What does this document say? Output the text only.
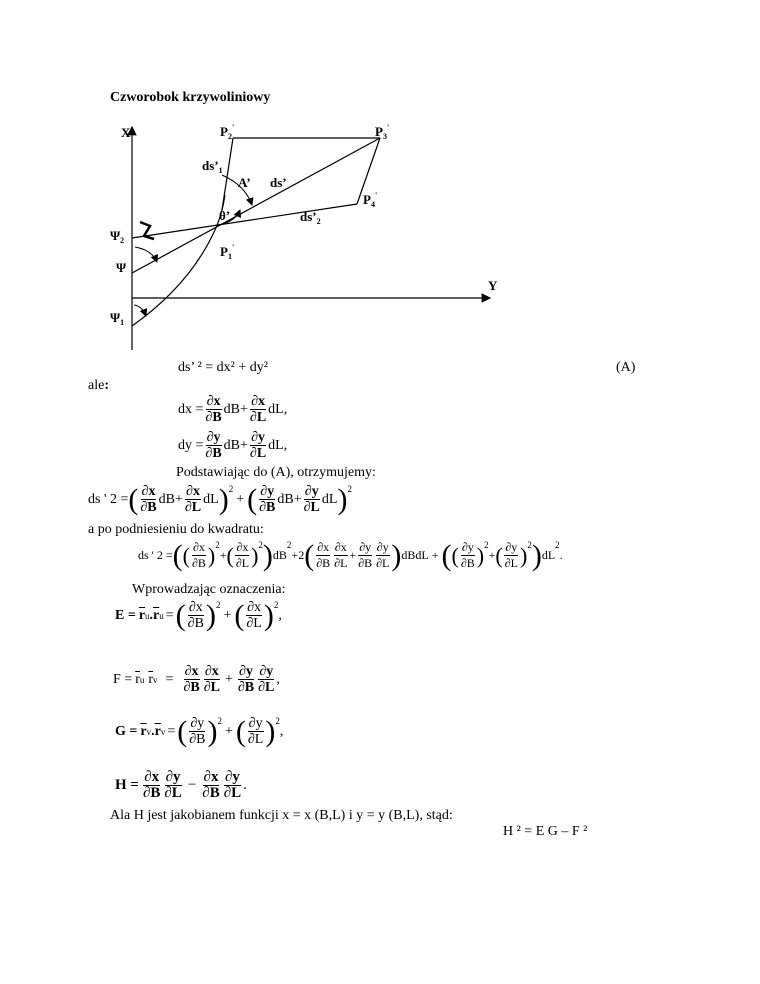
Czworobok krzywoliniowy
X
Y
$P_2'$	$P_3'$
$P_4'$
$P_1'$
$ds’_1$
A’ ds’
θ’	$ds’_2$
$\Psi_2$
Ψ
$\Psi_1$
ds’ ² = dx² + dy²	(A)
ale:
dx = $\frac{\partial x}{\partial B} dB+ \frac{\partial x}{\partial L}$ dL,
dy = $\frac{\partial y}{\partial B} dB+ \frac{\partial y}{\partial L}$ dL,
Podstawiając do (A), otrzymujemy:
ds ' 2 = ( $\frac{\partial x}{\partial B} dB+ \frac{\partial x}{\partial L}$ dL )$^2$
+ ( $\frac{\partial y}{\partial B} dB+ \frac{\partial y}{\partial L}$ dL )$^2$
a po podniesieniu do kwadratu:
ds ' 2 = ( ( $\frac{\partial x}{\partial B} )^2$
+ ( $\frac{\partial x}{\partial L} )^2$ ) dB
$^2$
+2 ( $\frac{\partial x}{\partial B} \frac{\partial x}{\partial L} + \frac{\partial y}{\partial B} \frac{\partial y}{\partial L}$ ) dBdL + ( ( $\frac{\partial y}{\partial B} )^2$
+ ( $\frac{\partial y}{\partial L} )^2$ ) dL
$^2$
.
Wprowadzając oznaczenia:
$E = \overline{r}$ u . $\overline{r}$ u = ( $\frac{\partial x}{\partial B} )^2$
+ ( $\frac{\partial x}{\partial L} )^2$
,
$F = \overline{r}$ u $\overline{r}$ $v = \frac{\partial x}{\partial B} \frac{\partial x}{\partial L} + \frac{\partial y}{\partial B} \frac{\partial y}{\partial L}$ ,
$G = \overline{r}$ v . $\overline{r}$ v = ( $\frac{\partial y}{\partial B} )^2$
+ ( $\frac{\partial y}{\partial L} )^2$
,
$H = \frac{\partial x}{\partial B} \frac{\partial y}{\partial L} - \frac{\partial x}{\partial B} \frac{\partial y}{\partial L}$ .
Ala H jest jakobianem funkcji x = x (B,L) i y = y (B,L), stąd:
H ² = E G – F ²
